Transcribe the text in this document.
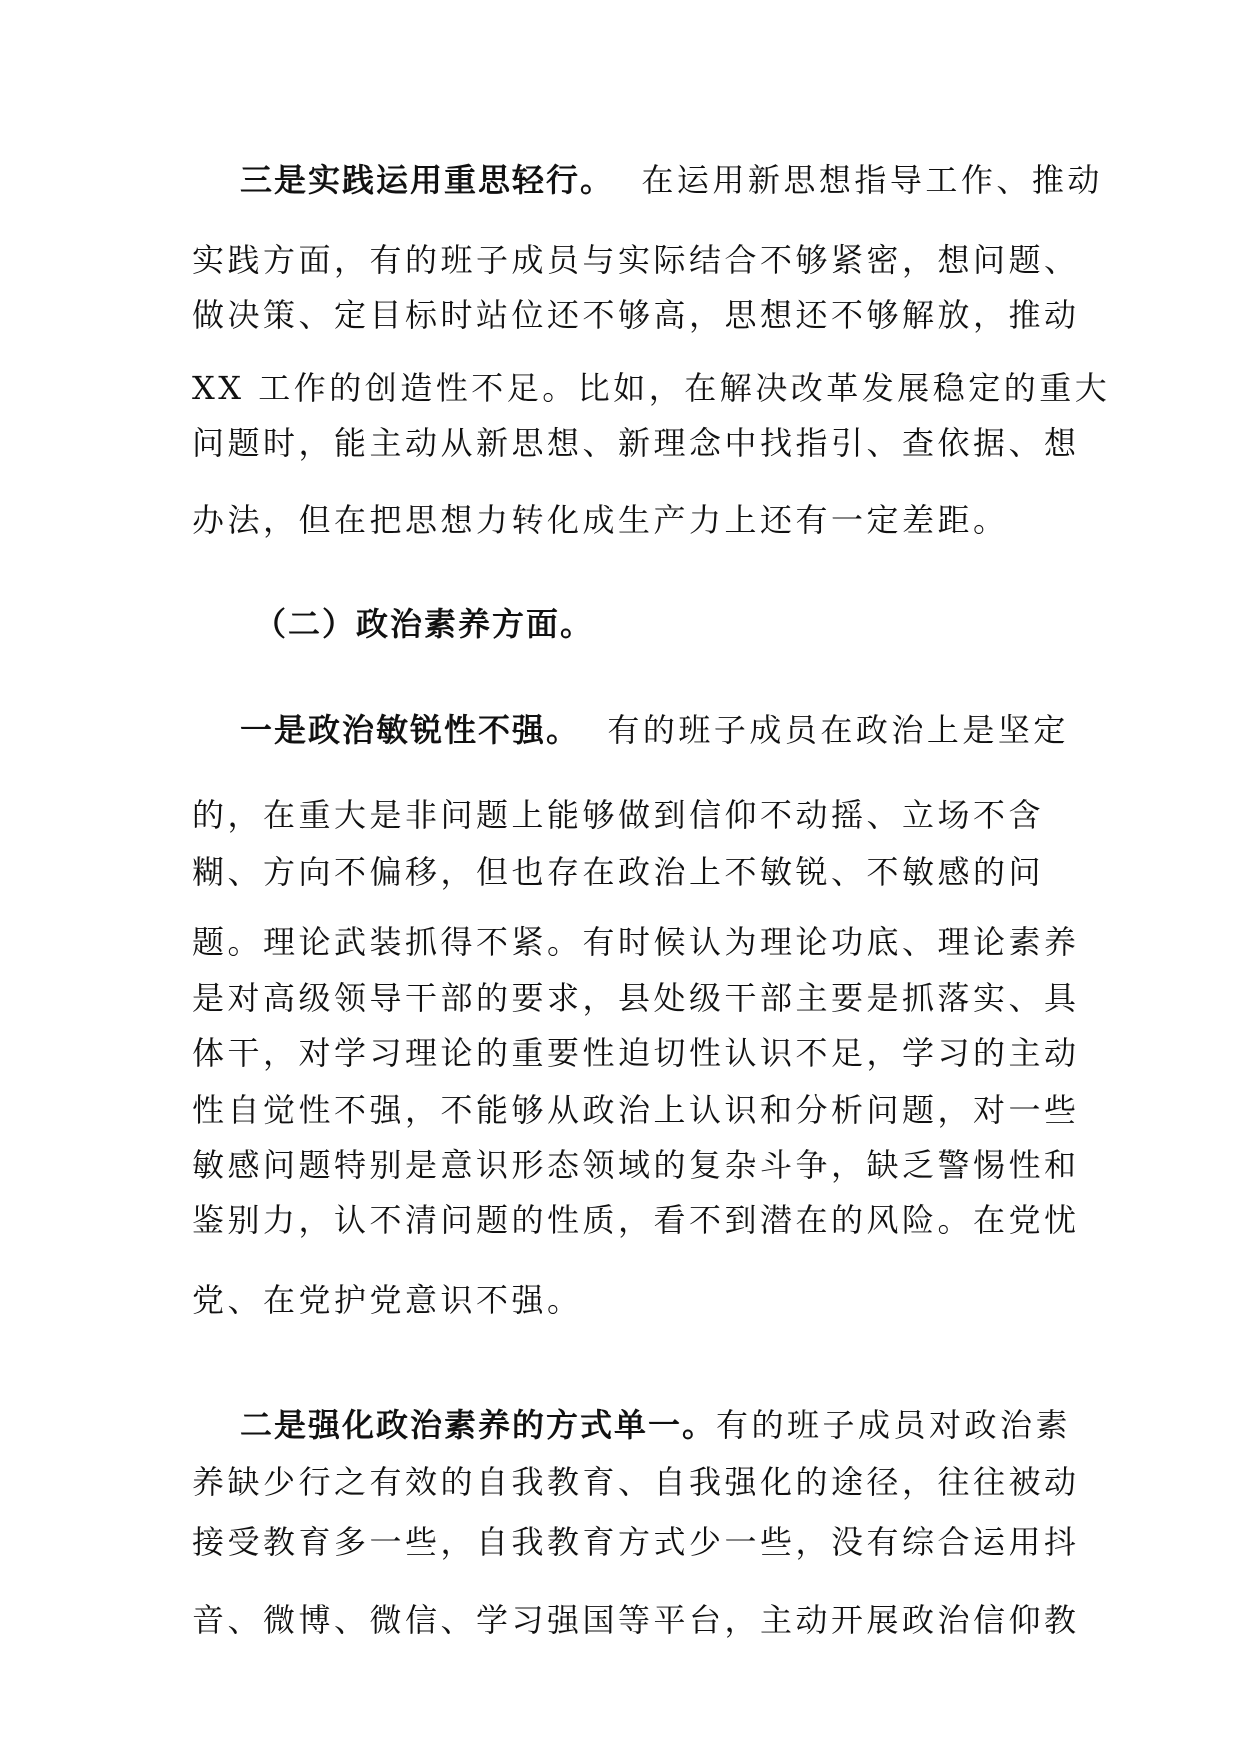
三是实践运用重思轻行。 在运用新思想指导工作、推动
实践方面，有的班子成员与实际结合不够紧密，想问题、
做决策、定目标时站位还不够高，思想还不够解放，推动
XX 工作的创造性不足。比如，在解决改革发展稳定的重大
问题时，能主动从新思想、新理念中找指引、查依据、想
办法，但在把思想力转化成生产力上还有一定差距。
（二）政治素养方面。
一是政治敏锐性不强。 有的班子成员在政治上是坚定
的，在重大是非问题上能够做到信仰不动摇、立场不含
糊、方向不偏移，但也存在政治上不敏锐、不敏感的问
题。理论武装抓得不紧。有时候认为理论功底、理论素养
是对高级领导干部的要求，县处级干部主要是抓落实、具
体干，对学习理论的重要性迫切性认识不足，学习的主动
性自觉性不强，不能够从政治上认识和分析问题，对一些
敏感问题特别是意识形态领域的复杂斗争，缺乏警惕性和
鉴别力，认不清问题的性质，看不到潜在的风险。在党忧
党、在党护党意识不强。
二是强化政治素养的方式单一。有的班子成员对政治素
养缺少行之有效的自我教育、自我强化的途径，往往被动
接受教育多一些，自我教育方式少一些，没有综合运用抖
音、微博、微信、学习强国等平台，主动开展政治信仰教
